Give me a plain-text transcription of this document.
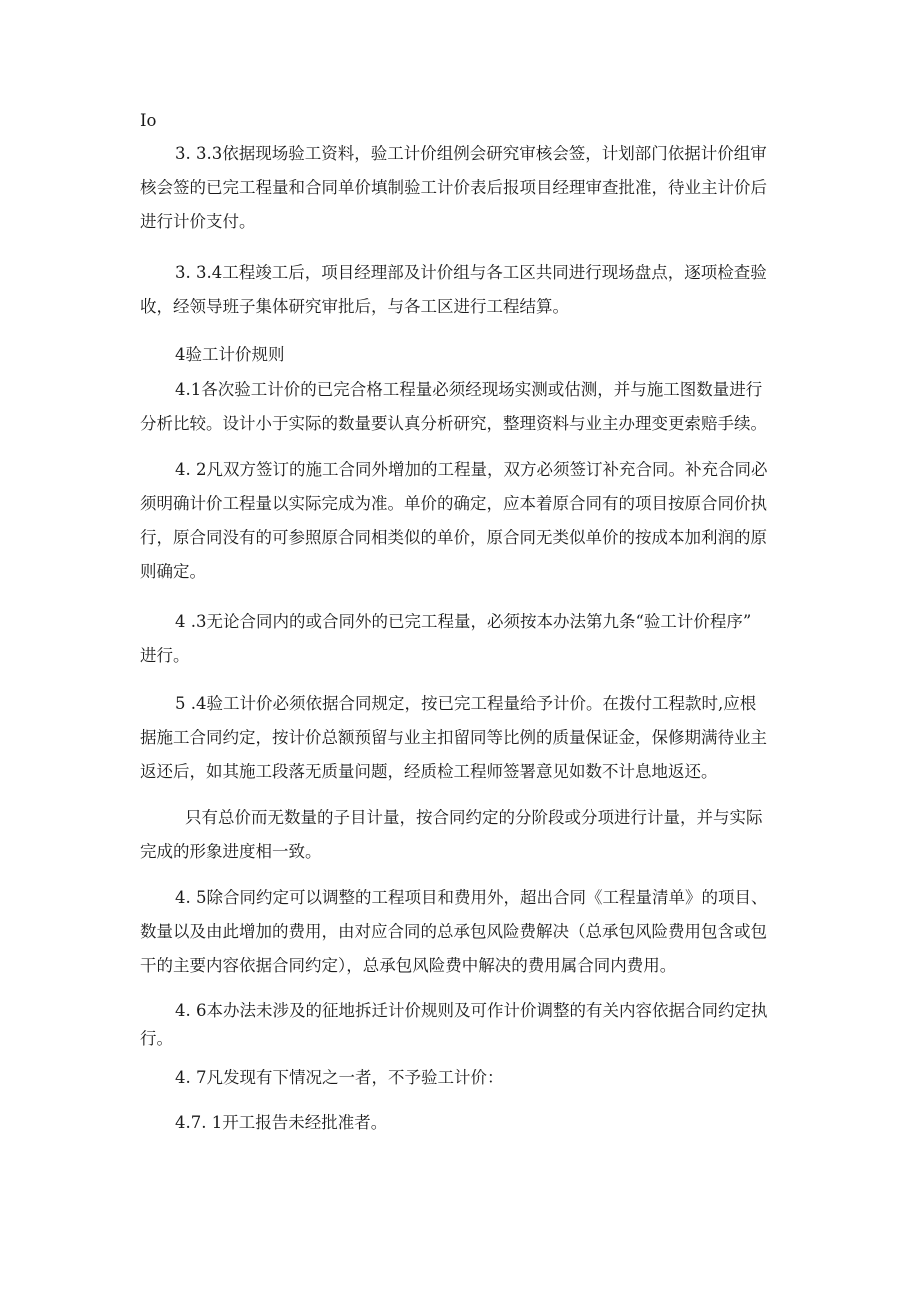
Io

3. 3.3依据现场验工资料，验工计价组例会研究审核会签，计划部门依据计价组审
核会签的已完工程量和合同单价填制验工计价表后报项目经理审查批准，待业主计价后
进行计价支付。

3. 3.4工程竣工后，项目经理部及计价组与各工区共同进行现场盘点，逐项检查验
收，经领导班子集体研究审批后，与各工区进行工程结算。

4验工计价规则

4.1各次验工计价的已完合格工程量必须经现场实测或估测，并与施工图数量进行
分析比较。设计小于实际的数量要认真分析研究，整理资料与业主办理变更索赔手续。

4. 2凡双方签订的施工合同外增加的工程量，双方必须签订补充合同。补充合同必
须明确计价工程量以实际完成为准。单价的确定，应本着原合同有的项目按原合同价执
行，原合同没有的可参照原合同相类似的单价，原合同无类似单价的按成本加利润的原
则确定。

4 .3无论合同内的或合同外的已完工程量，必须按本办法第九条“验工计价程序”
进行。

5 .4验工计价必须依据合同规定，按已完工程量给予计价。在拨付工程款时,应根
据施工合同约定，按计价总额预留与业主扣留同等比例的质量保证金，保修期满待业主
返还后，如其施工段落无质量问题，经质检工程师签署意见如数不计息地返还。

只有总价而无数量的子目计量，按合同约定的分阶段或分项进行计量，并与实际
完成的形象进度相一致。

4. 5除合同约定可以调整的工程项目和费用外，超出合同《工程量清单》的项目、
数量以及由此增加的费用，由对应合同的总承包风险费解决（总承包风险费用包含或包
干的主要内容依据合同约定），总承包风险费中解决的费用属合同内费用。

4. 6本办法未涉及的征地拆迁计价规则及可作计价调整的有关内容依据合同约定执
行。

4. 7凡发现有下情况之一者，不予验工计价：

4.7. 1开工报告未经批准者。
